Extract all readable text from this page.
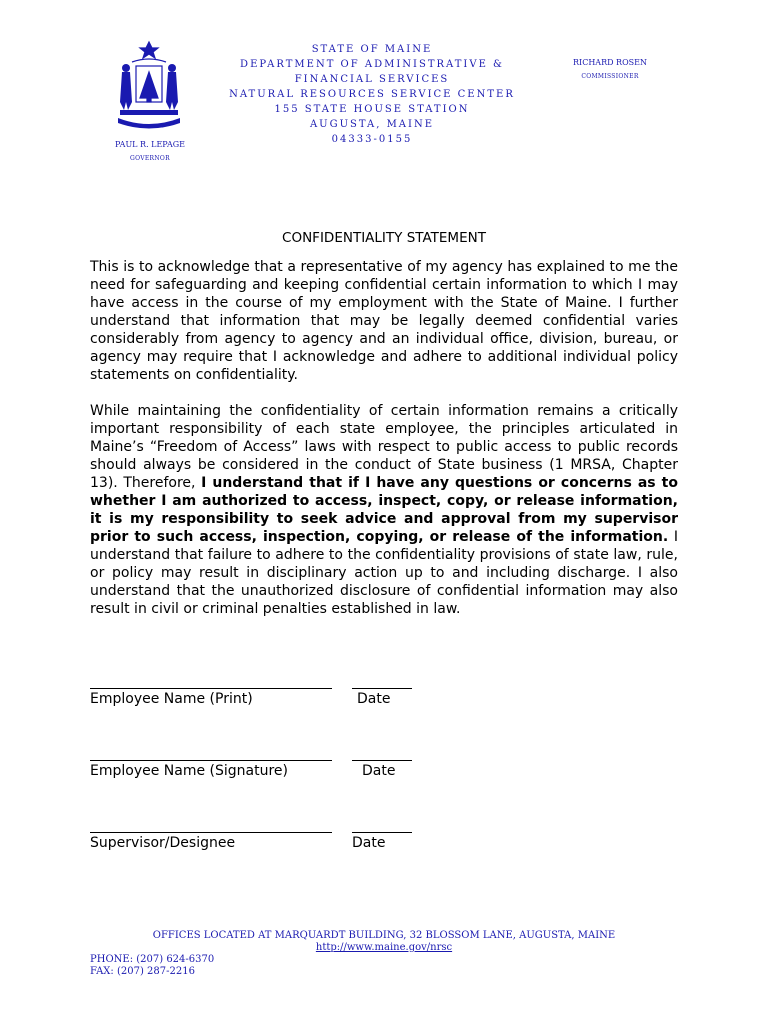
PAUL R. LEPAGE
GOVERNOR
STATE OF MAINE
DEPARTMENT OF ADMINISTRATIVE &
FINANCIAL SERVICES
NATURAL RESOURCES SERVICE CENTER
155 STATE HOUSE STATION
AUGUSTA, MAINE
04333-0155
RICHARD ROSEN
COMMISSIONER
CONFIDENTIALITY STATEMENT

This is to acknowledge that a representative of my agency has explained to me the need for safeguarding and keeping confidential certain information to which I may have access in the course of my employment with the State of Maine. I further understand that information that may be legally deemed confidential varies considerably from agency to agency and an individual office, division, bureau, or agency may require that I acknowledge and adhere to additional individual policy statements on confidentiality.

While maintaining the confidentiality of certain information remains a critically important responsibility of each state employee, the principles articulated in Maine’s “Freedom of Access” laws with respect to public access to public records should always be considered in the conduct of State business (1 MRSA, Chapter 13). Therefore, I understand that if I have any questions or concerns as to whether I am authorized to access, inspect, copy, or release information, it is my responsibility to seek advice and approval from my supervisor prior to such access, inspection, copying, or release of the information. I understand that failure to adhere to the confidentiality provisions of state law, rule, or policy may result in disciplinary action up to and including discharge. I also understand that the unauthorized disclosure of confidential information may also result in civil or criminal penalties established in law.

Employee Name (Print)	Date
Employee Name (Signature)	Date
Supervisor/Designee	Date
OFFICES LOCATED AT MARQUARDT BUILDING, 32 BLOSSOM LANE, AUGUSTA, MAINE
http://www.maine.gov/nrsc
PHONE: (207) 624-6370
FAX: (207) 287-2216
